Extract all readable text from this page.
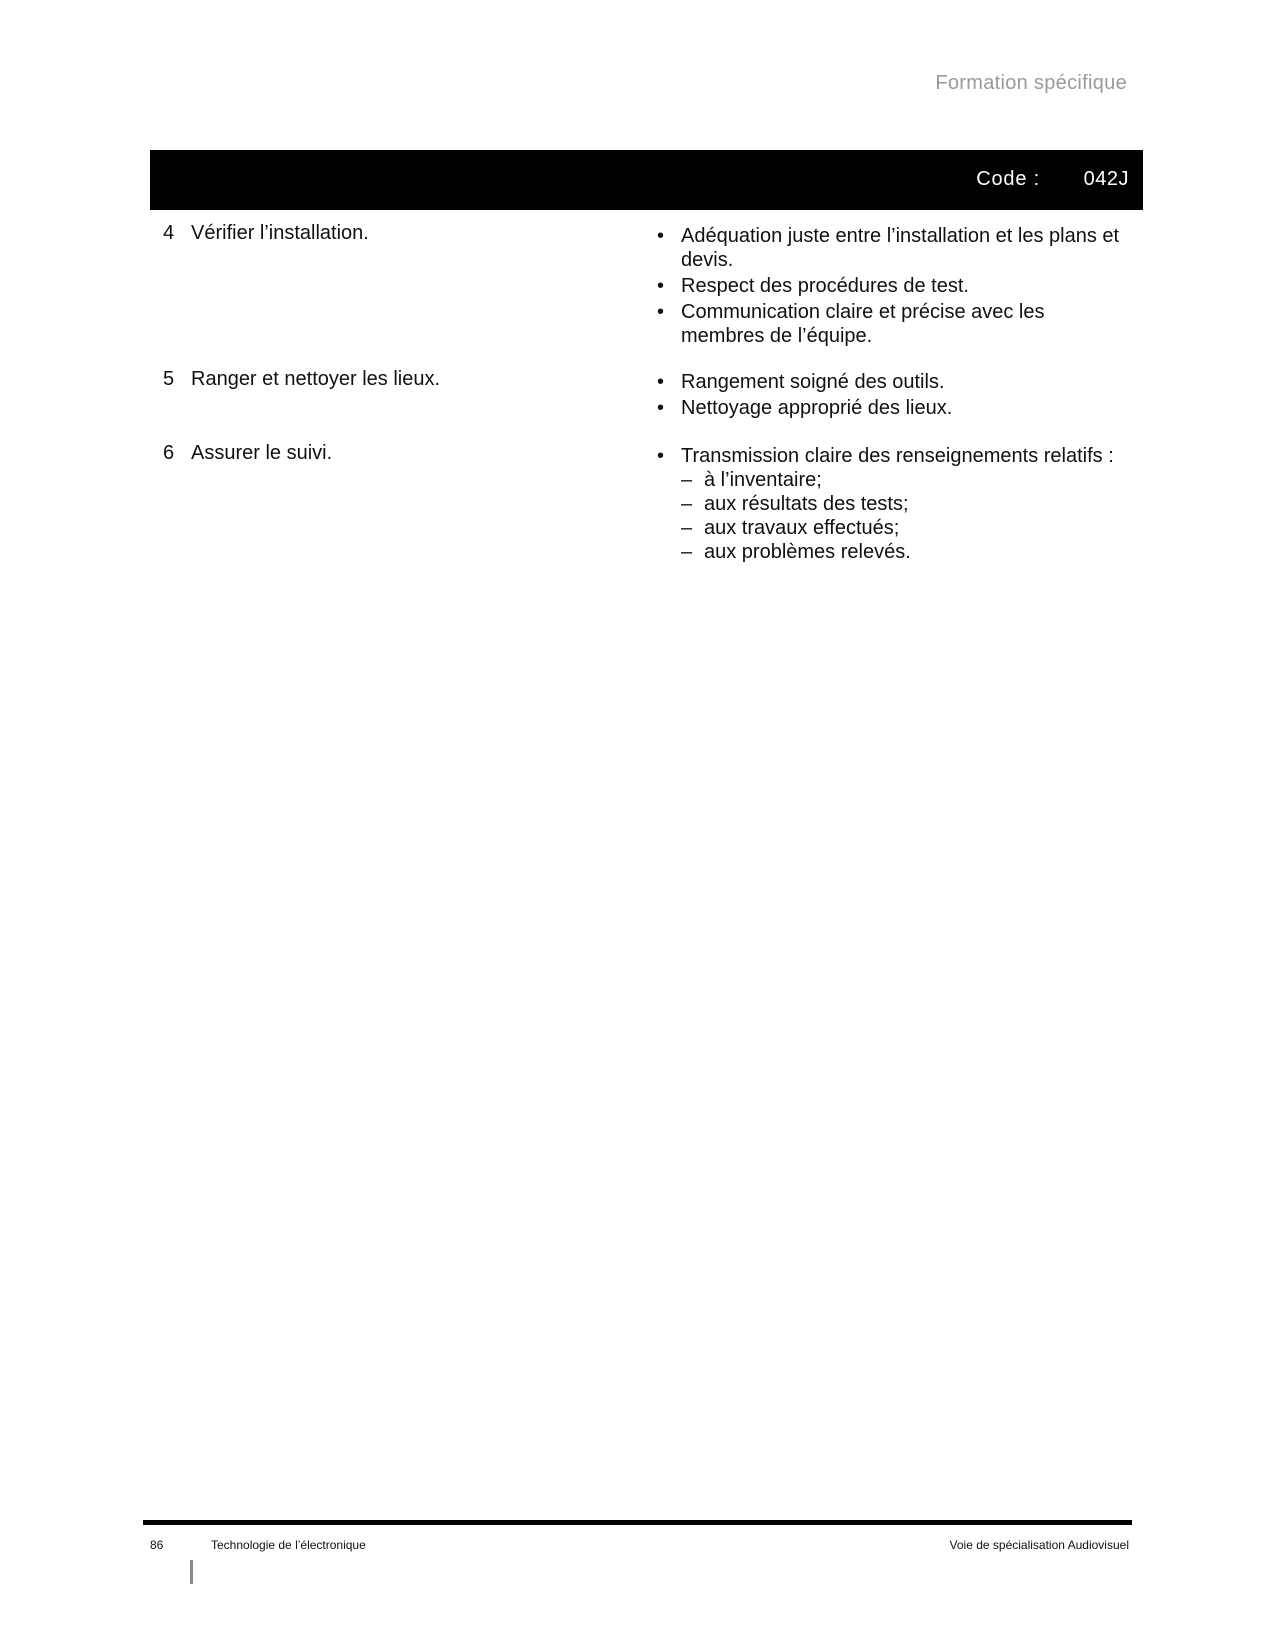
Formation spécifique
Code : 042J
4 Vérifier l’installation.	• Adéquation juste entre l’installation et les plans et devis.
• Respect des procédures de test.
• Communication claire et précise avec les membres de l’équipe.
5 Ranger et nettoyer les lieux.	• Rangement soigné des outils.
• Nettoyage approprié des lieux.
6 Assurer le suivi.	• Transmission claire des renseignements relatifs :
– à l’inventaire;
– aux résultats des tests;
– aux travaux effectués;
– aux problèmes relevés.
86	Technologie de l’électronique	Voie de spécialisation Audiovisuel
